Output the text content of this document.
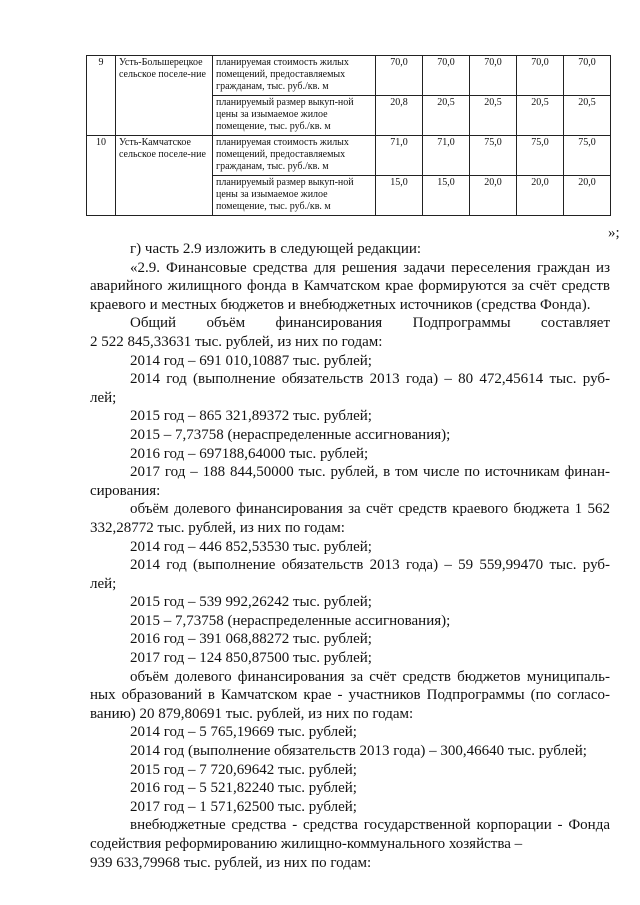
9	Усть-Большерецкое сельское поселе-ние	планируемая стоимость жилых помещений, предоставляемых гражданам, тыс. руб./кв. м	70,0	70,0	70,0	70,0	70,0
		планируемый размер выкуп-ной цены за изымаемое жилое помещение, тыс. руб./кв. м	20,8	20,5	20,5	20,5	20,5
10	Усть-Камчатское сельское поселе-ние	планируемая стоимость жилых помещений, предоставляемых гражданам, тыс. руб./кв. м	71,0	71,0	75,0	75,0	75,0
		планируемый размер выкуп-ной цены за изымаемое жилое помещение, тыс. руб./кв. м	15,0	15,0	20,0	20,0	20,0
»;

г) часть 2.9 изложить в следующей редакции:

«2.9. Финансовые средства для решения задачи переселения граждан из аварийного жилищного фонда в Камчатском крае формируются за счёт средств краевого и местных бюджетов и внебюджетных источников (средства Фонда).

Общий объём финансирования Подпрограммы составляет

2 522 845,33631 тыс. рублей, из них по годам:

2014 год – 691 010,10887 тыс. рублей;

2014 год (выполнение обязательств 2013 года) – 80 472,45614 тыс. руб-лей;

2015 год – 865 321,89372 тыс. рублей;

2015 – 7,73758 (нераспределенные ассигнования);

2016 год – 697188,64000 тыс. рублей;

2017 год – 188 844,50000 тыс. рублей, в том числе по источникам финан-сирования:

объём долевого финансирования за счёт средств краевого бюджета 1 562 332,28772 тыс. рублей, из них по годам:

2014 год – 446 852,53530 тыс. рублей;

2014 год (выполнение обязательств 2013 года) – 59 559,99470 тыс. руб-лей;

2015 год – 539 992,26242 тыс. рублей;

2015 – 7,73758 (нераспределенные ассигнования);

2016 год – 391 068,88272 тыс. рублей;

2017 год – 124 850,87500 тыс. рублей;

объём долевого финансирования за счёт средств бюджетов муниципаль-ных образований в Камчатском крае - участников Подпрограммы (по согласо-ванию) 20 879,80691 тыс. рублей, из них по годам:

2014 год – 5 765,19669 тыс. рублей;

2014 год (выполнение обязательств 2013 года) – 300,46640 тыс. рублей;

2015 год – 7 720,69642 тыс. рублей;

2016 год – 5 521,82240 тыс. рублей;

2017 год – 1 571,62500 тыс. рублей;

внебюджетные средства - средства государственной корпорации - Фонда содействия реформированию жилищно-коммунального хозяйства –

939 633,79968 тыс. рублей, из них по годам:
